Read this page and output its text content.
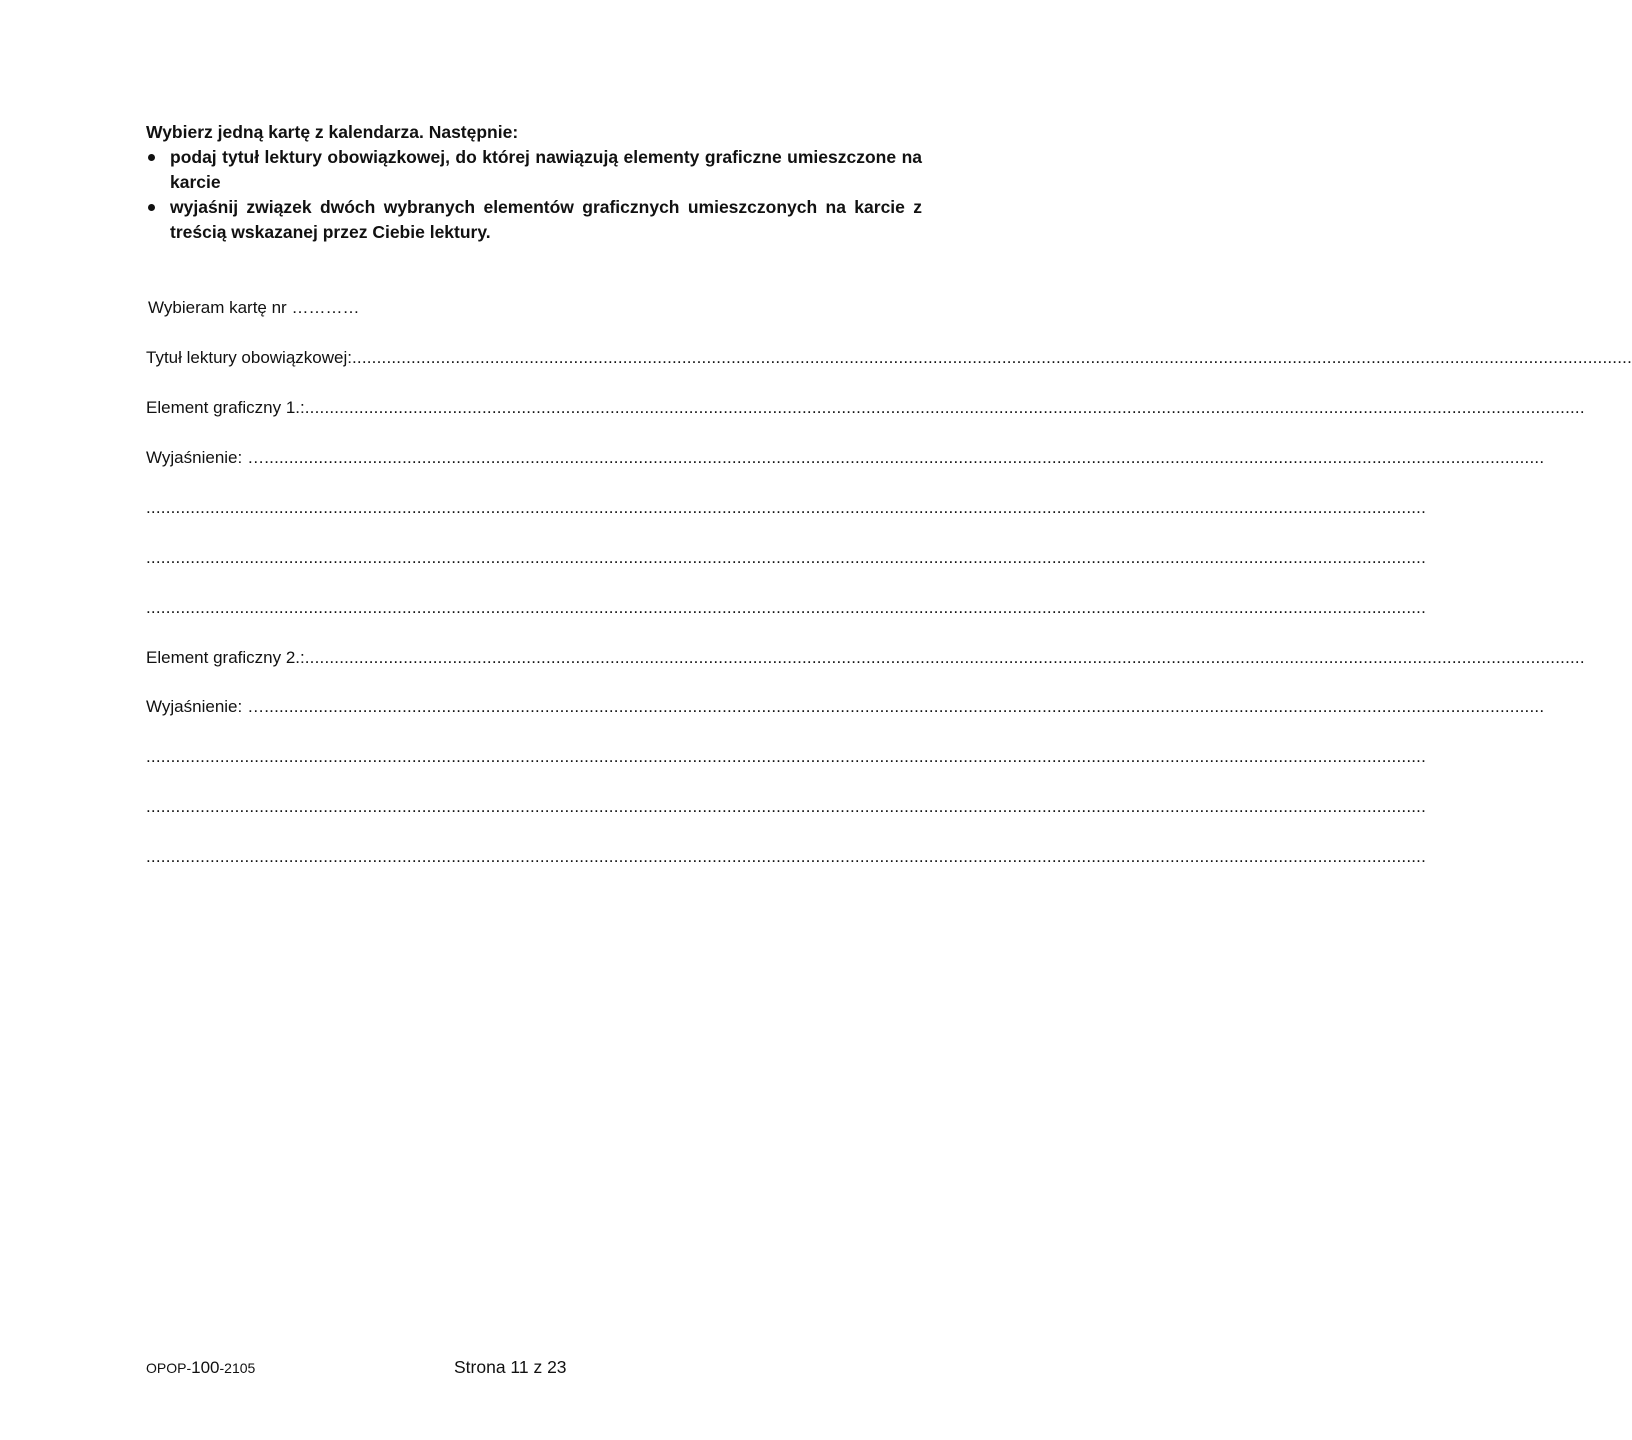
Wybierz jedną kartę z kalendarza. Następnie:

podaj tytuł lektury obowiązkowej, do której nawiązują elementy graficzne umieszczone na karcie
wyjaśnij związek dwóch wybranych elementów graficznych umieszczonych na karcie z treścią wskazanej przez Ciebie lektury.
Wybieram kartę nr …………
Tytuł lektury obowiązkowej: ....................................................................................................................................................................................................................................................................
Element graficzny 1.: ....................................................................................................................................................................................................................................................................
Wyjaśnienie: … ....................................................................................................................................................................................................................................................................
....................................................................................................................................................................................................................................................................
....................................................................................................................................................................................................................................................................
....................................................................................................................................................................................................................................................................
Element graficzny 2.: ....................................................................................................................................................................................................................................................................
Wyjaśnienie: … ....................................................................................................................................................................................................................................................................
....................................................................................................................................................................................................................................................................
....................................................................................................................................................................................................................................................................
....................................................................................................................................................................................................................................................................
OPOP-100-2105	Strona 11 z 23
